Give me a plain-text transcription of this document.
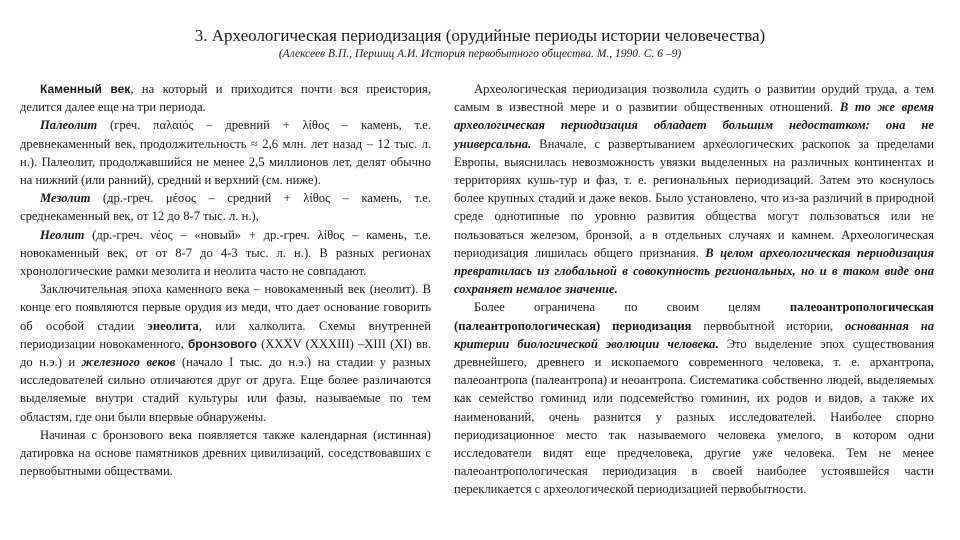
3. Археологическая периодизация (орудийные периоды истории человечества)
(Алексеев В.П., Першиц А.И. История первобытного общества. М., 1990. С. 6 –9)

Каменный век, на который и приходится почти вся преистория, делится далее еще на три периода.

Палеолит (греч. παλαιός – древний + λίθος – камень, т.е. древнекаменный век, продолжительность ≈ 2,6 млн. лет назад – 12 тыс. л. н.). Палеолит, продолжавшийся не менее 2,5 миллионов лет, делят обычно на нижний (или ранний), средний и верхний (см. ниже).

Мезолит (др.-греч. μέσος – средний + λίθος – камень, т.е. среднекаменный век, от 12 до 8-7 тыс. л. н.),

Неолит (др.-греч. νέος – «новый» + др.-греч. λίθος – камень, т.е. новокаменный век, от от 8-7 до 4-3 тыс. л. н.). В разных регионах хронологические рамки мезолита и неолита часто не совпадают.

Заключительная эпоха каменного века – новокаменный век (неолит). В конце его появляются первые орудия из меди, что дает основание говорить об особой стадии энеолита, или халколита. Схемы внутренней периодизации новокаменного, бронзового (XXXV (XXXIII) –XIII (XI) вв. до н.э.) и железного веков (начало I тыс. до н.э.) на стадии у разных исследователей сильно отличаются друг от друга. Еще более различаются выделяемые внутри стадий культуры или фазы, называемые по тем областям, где они были впервые обнаружены.

Начиная с бронзового века появляется также календарная (истинная) датировка на основе памятников древних цивилизаций, соседствовавших с первобытными обществами.

Археологическая периодизация позволила судить о развитии орудий труда, а тем самым в известной мере и о развитии общественных отношений. В то же время археологическая периодизация обладает большим недостатком: она не универсальна. Вначале, с развертыванием археологических раскопок за пределами Европы, выяснилась невозможность увязки выделенных на различных континентах и территориях кушь-тур и фаз, т. е. региональных периодизаций. Затем это коснулось более крупных стадий и даже веков. Было установлено, что из-за различий в природной среде однотипные по уровню развития общества могут пользоваться или не пользоваться железом, бронзой, а в отдельных случаях и камнем. Археологическая периодизация лишилась общего признания. В целом археологическая периодизация превратилась из глобальной в совокупность региональных, но и в таком виде она сохраняет немалое значение.

Более ограничена по своим целям палеоантропологическая (палеантропологическая) периодизация первобытной истории, основанная на критерии биологической эволюции человека. Это выделение эпох существования древнейшего, древнего и ископаемого современного человека, т. е. архантропа, палеоантропа (палеантропа) и неоантропа. Систематика собственно людей, выделяемых как семейство гоминид или подсемейство гоминин, их родов и видов, а также их наименований, очень разнится у разных исследователей. Наиболее спорно периодизационное место так называемого человека умелого, в котором одни исследователи видят еще предчеловека, другие уже человека. Тем не менее палеоантропологическая периодизация в своей наиболее устоявшейся части перекликается с археологической периодизацией первобытности.
